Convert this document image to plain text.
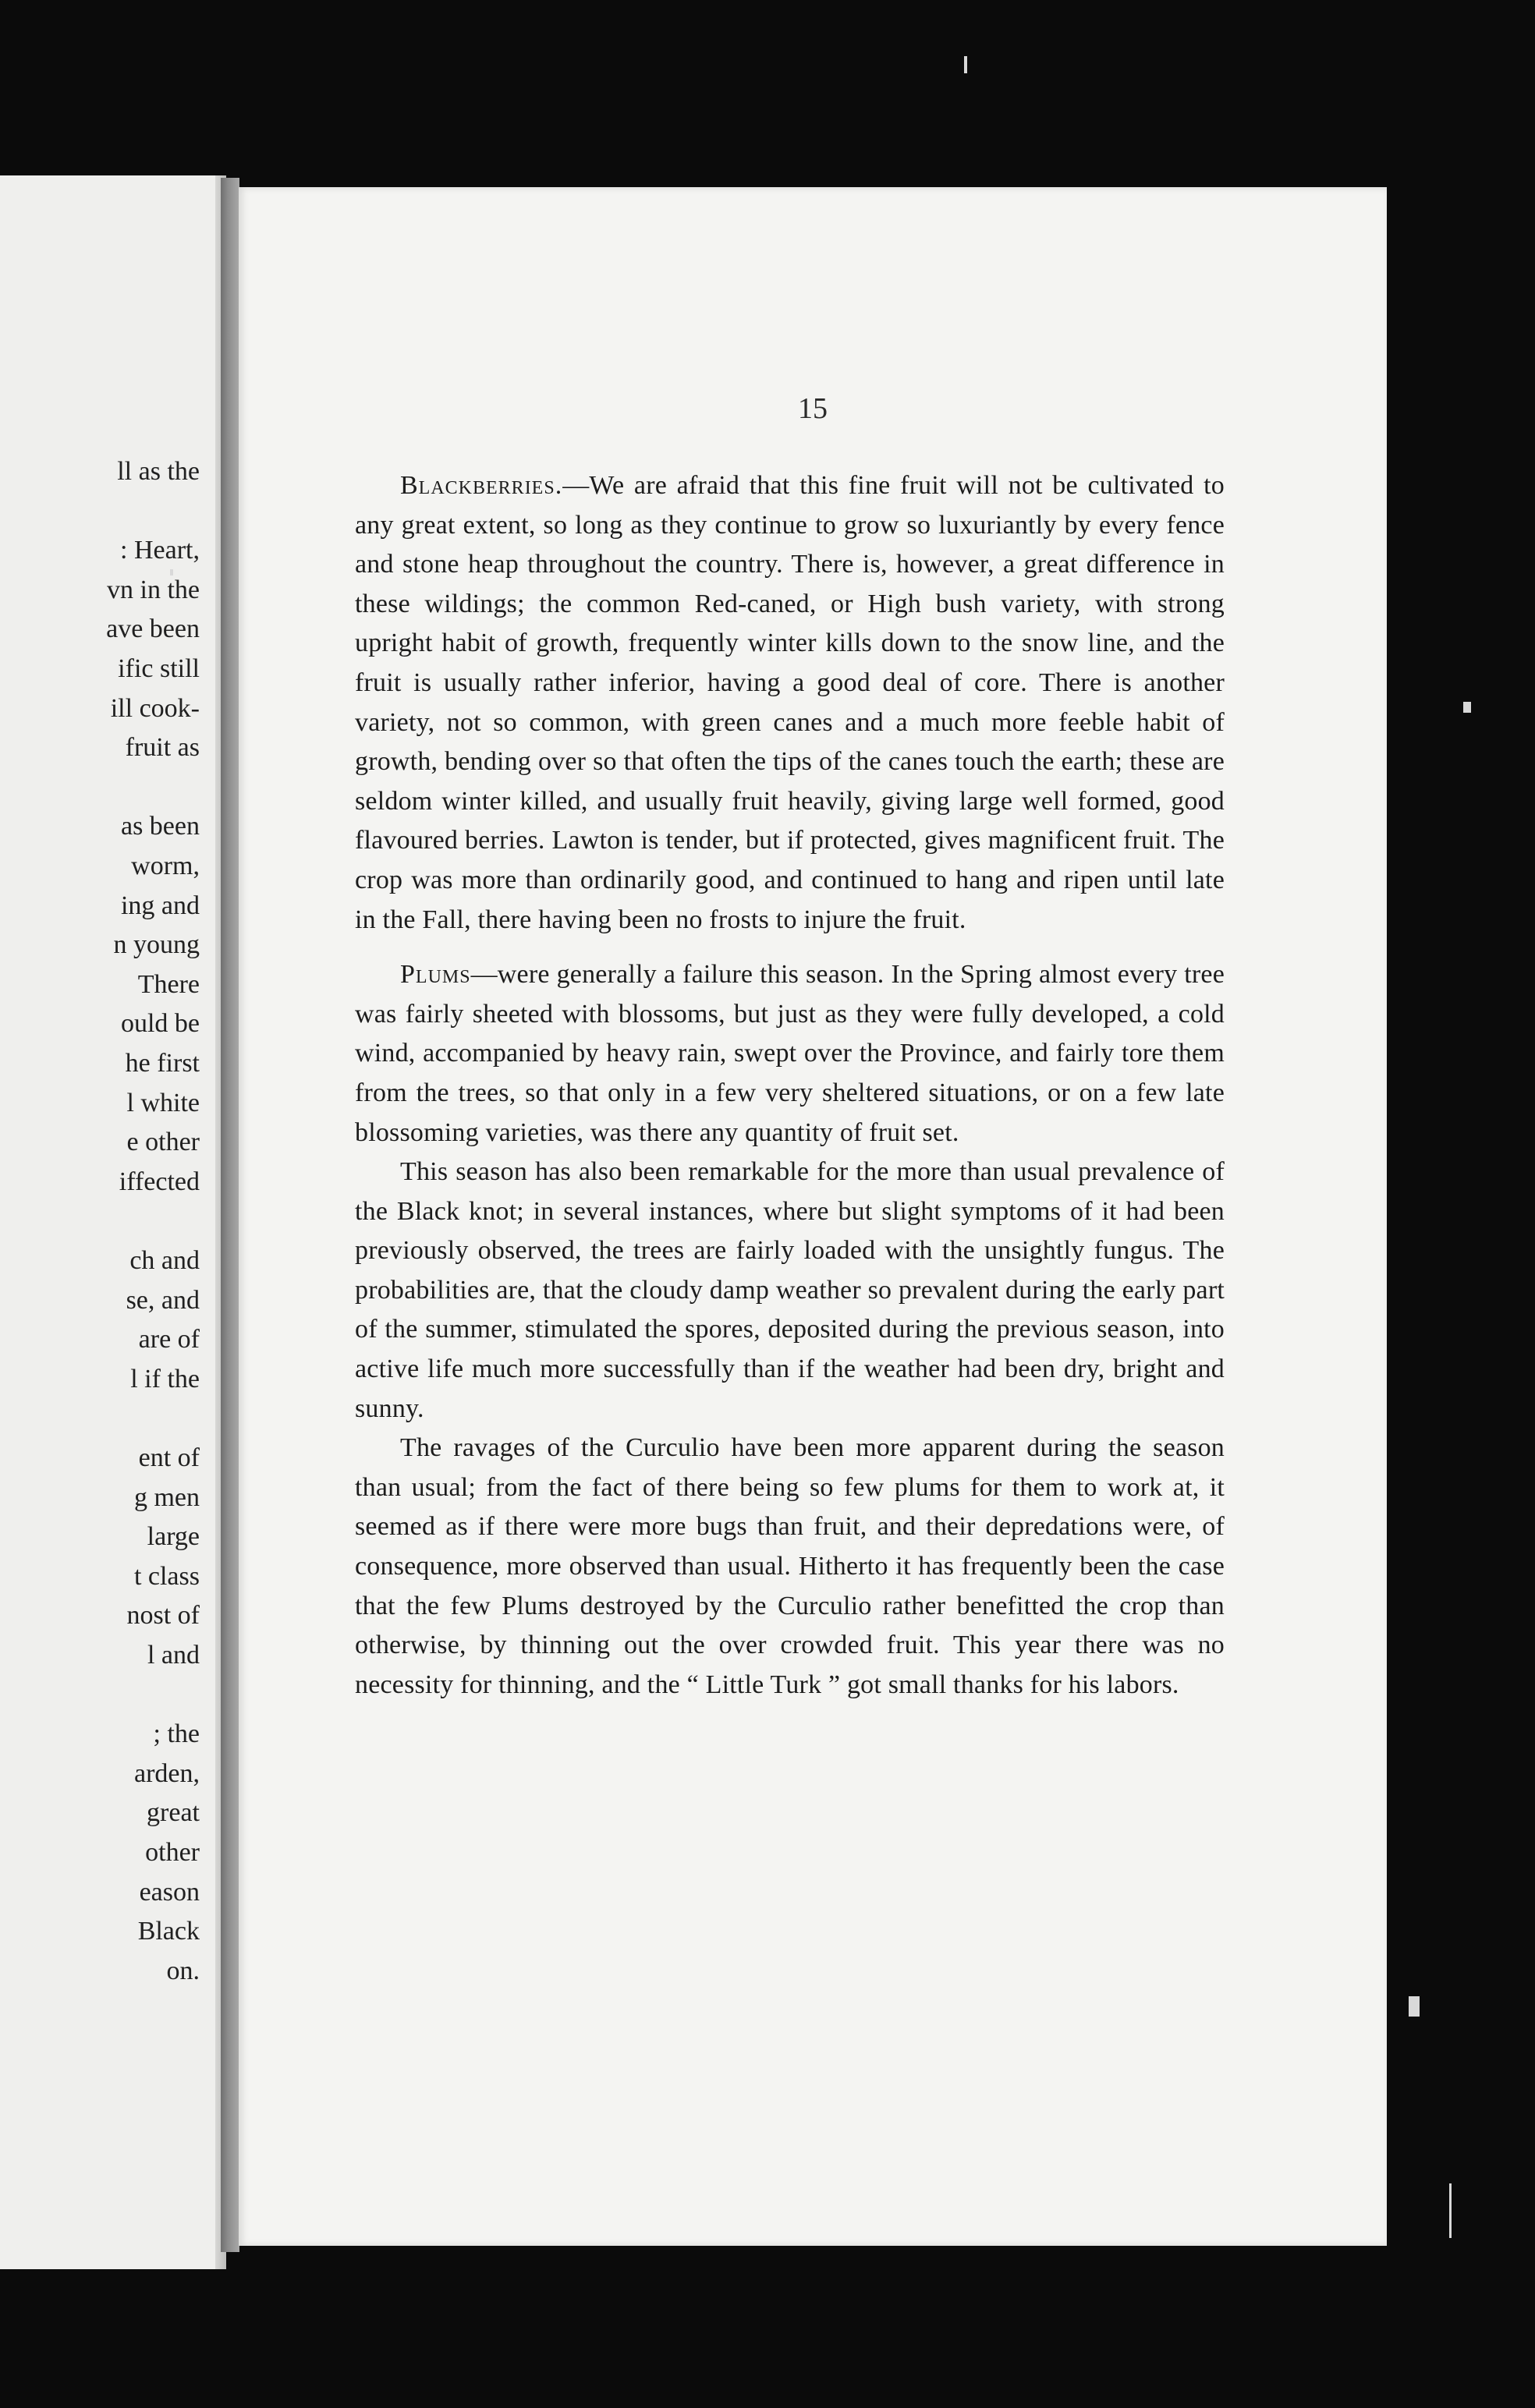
ll as the
: Heart,
vn in the
ave been
ific still
ill cook-
fruit as
as been
worm,
ing and
n young
There
ould be
he first
l white
e other
iffected
ch and
se, and
are of
l if the
ent of
g men
large
t class
nost of
l and
; the
arden,
great
other
eason
Black
on.
15

Blackberries.—We are afraid that this fine fruit will not be cultivated to any great extent, so long as they continue to grow so luxuriantly by every fence and stone heap throughout the country. There is, however, a great difference in these wildings; the common Red-caned, or High bush variety, with strong upright habit of growth, frequently winter kills down to the snow line, and the fruit is usually rather inferior, having a good deal of core. There is another variety, not so common, with green canes and a much more feeble habit of growth, bending over so that often the tips of the canes touch the earth; these are seldom winter killed, and usually fruit heavily, giving large well formed, good flavoured berries. Lawton is tender, but if protected, gives magnificent fruit. The crop was more than ordinarily good, and continued to hang and ripen until late in the Fall, there having been no frosts to injure the fruit.

Plums—were generally a failure this season. In the Spring almost every tree was fairly sheeted with blossoms, but just as they were fully developed, a cold wind, accompanied by heavy rain, swept over the Province, and fairly tore them from the trees, so that only in a few very sheltered situations, or on a few late blossoming varieties, was there any quantity of fruit set.

This season has also been remarkable for the more than usual prevalence of the Black knot; in several instances, where but slight symptoms of it had been previously observed, the trees are fairly loaded with the unsightly fungus. The probabilities are, that the cloudy damp weather so prevalent during the early part of the summer, stimulated the spores, deposited during the previous season, into active life much more successfully than if the weather had been dry, bright and sunny.

The ravages of the Curculio have been more apparent during the season than usual; from the fact of there being so few plums for them to work at, it seemed as if there were more bugs than fruit, and their depredations were, of consequence, more observed than usual. Hitherto it has frequently been the case that the few Plums destroyed by the Curculio rather benefitted the crop than otherwise, by thinning out the over crowded fruit. This year there was no necessity for thinning, and the “ Little Turk ” got small thanks for his labors.
